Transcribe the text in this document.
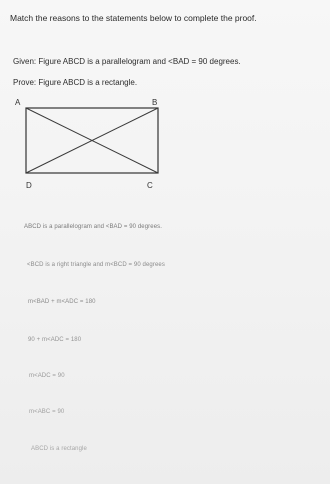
Match the reasons to the statements below to complete the proof.
Given: Figure ABCD is a parallelogram and <BAD = 90 degrees.
Prove: Figure ABCD is a rectangle.
A	B
D	C
ABCD is a parallelogram and <BAD = 90 degrees.
<BCD is a right triangle and m<BCD = 90 degrees
m<BAD + m<ADC = 180
90 + m<ADC = 180
m<ADC = 90
m<ABC = 90
ABCD is a rectangle
